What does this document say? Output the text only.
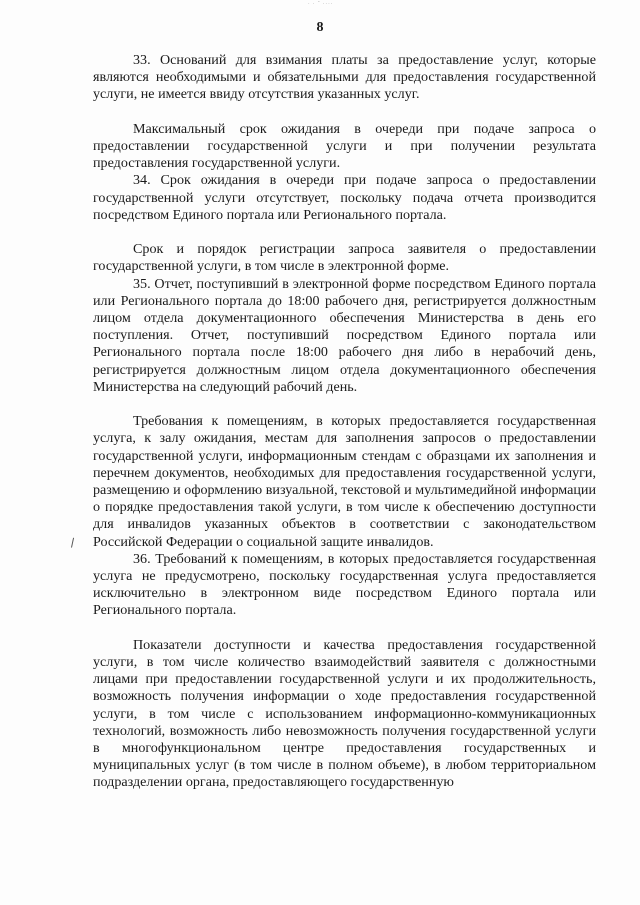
· · ˘ ····
8

33. Оснований для взимания платы за предоставление услуг, которые являются необходимыми и обязательными для предоставления государственной услуги, не имеется ввиду отсутствия указанных услуг.

Максимальный срок ожидания в очереди при подаче запроса о предоставлении государственной услуги и при получении результата предоставления государственной услуги.

34. Срок ожидания в очереди при подаче запроса о предоставлении государственной услуги отсутствует, поскольку подача отчета производится посредством Единого портала или Регионального портала.

Срок и порядок регистрации запроса заявителя о предоставлении государственной услуги, в том числе в электронной форме.

35. Отчет, поступивший в электронной форме посредством Единого портала или Регионального портала до 18:00 рабочего дня, регистрируется должностным лицом отдела документационного обеспечения Министерства в день его поступления. Отчет, поступивший посредством Единого портала или Регионального портала после 18:00 рабочего дня либо в нерабочий день, регистрируется должностным лицом отдела документационного обеспечения Министерства на следующий рабочий день.

Требования к помещениям, в которых предоставляется государственная услуга, к залу ожидания, местам для заполнения запросов о предоставлении государственной услуги, информационным стендам с образцами их заполнения и перечнем документов, необходимых для предоставления государственной услуги, размещению и оформлению визуальной, текстовой и мультимедийной информации о порядке предоставления такой услуги, в том числе к обеспечению доступности для инвалидов указанных объектов в соответствии с законодательством Российской Федерации о социальной защите инвалидов.

36. Требований к помещениям, в которых предоставляется государственная услуга не предусмотрено, поскольку государственная услуга предоставляется исключительно в электронном виде посредством Единого портала или Регионального портала.

Показатели доступности и качества предоставления государственной услуги, в том числе количество взаимодействий заявителя с должностными лицами при предоставлении государственной услуги и их продолжительность, возможность получения информации о ходе предоставления государственной услуги, в том числе с использованием информационно-коммуникационных технологий, возможность либо невозможность получения государственной услуги в многофункциональном центре предоставления государственных и муниципальных услуг (в том числе в полном объеме), в любом территориальном подразделении органа, предоставляющего государственную
